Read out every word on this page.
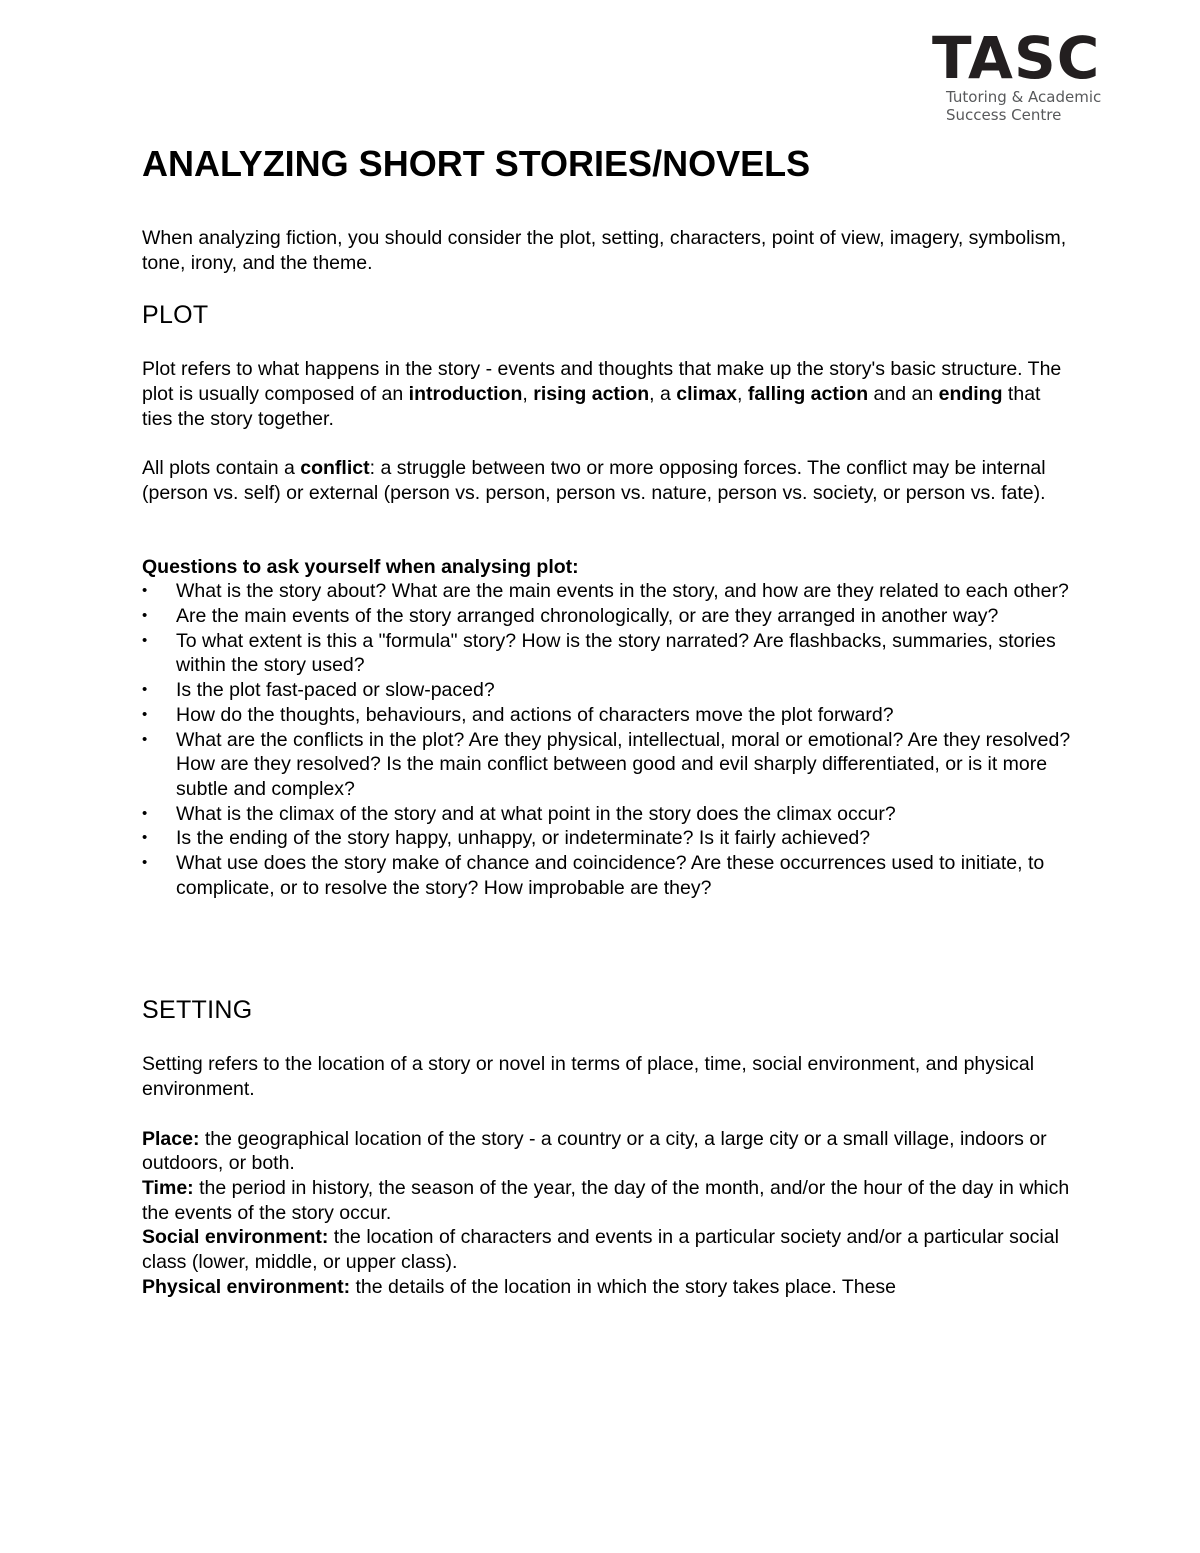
TASC
Tutoring & Academic
Success Centre
ANALYZING SHORT STORIES/NOVELS

When analyzing fiction, you should consider the plot, setting, characters, point of view, imagery, symbolism, tone, irony, and the theme.

PLOT

Plot refers to what happens in the story - events and thoughts that make up the story's basic structure. The plot is usually composed of an introduction, rising action, a climax, falling action and an ending that ties the story together.

All plots contain a conflict: a struggle between two or more opposing forces. The conflict may be internal (person vs. self) or external (person vs. person, person vs. nature, person vs. society, or person vs. fate).

Questions to ask yourself when analysing plot:

• What is the story about? What are the main events in the story, and how are they related to each other?
• Are the main events of the story arranged chronologically, or are they arranged in another way?
• To what extent is this a "formula" story? How is the story narrated? Are flashbacks, summaries, stories within the story used?
• Is the plot fast-paced or slow-paced?
• How do the thoughts, behaviours, and actions of characters move the plot forward?
• What are the conflicts in the plot? Are they physical, intellectual, moral or emotional? Are they resolved? How are they resolved? Is the main conflict between good and evil sharply differentiated, or is it more subtle and complex?
• What is the climax of the story and at what point in the story does the climax occur?
• Is the ending of the story happy, unhappy, or indeterminate? Is it fairly achieved?
• What use does the story make of chance and coincidence? Are these occurrences used to initiate, to complicate, or to resolve the story? How improbable are they?
SETTING

Setting refers to the location of a story or novel in terms of place, time, social environment, and physical environment.

Place: the geographical location of the story - a country or a city, a large city or a small village, indoors or outdoors, or both.

Time: the period in history, the season of the year, the day of the month, and/or the hour of the day in which the events of the story occur.

Social environment: the location of characters and events in a particular society and/or a particular social class (lower, middle, or upper class).

Physical environment: the details of the location in which the story takes place. These
